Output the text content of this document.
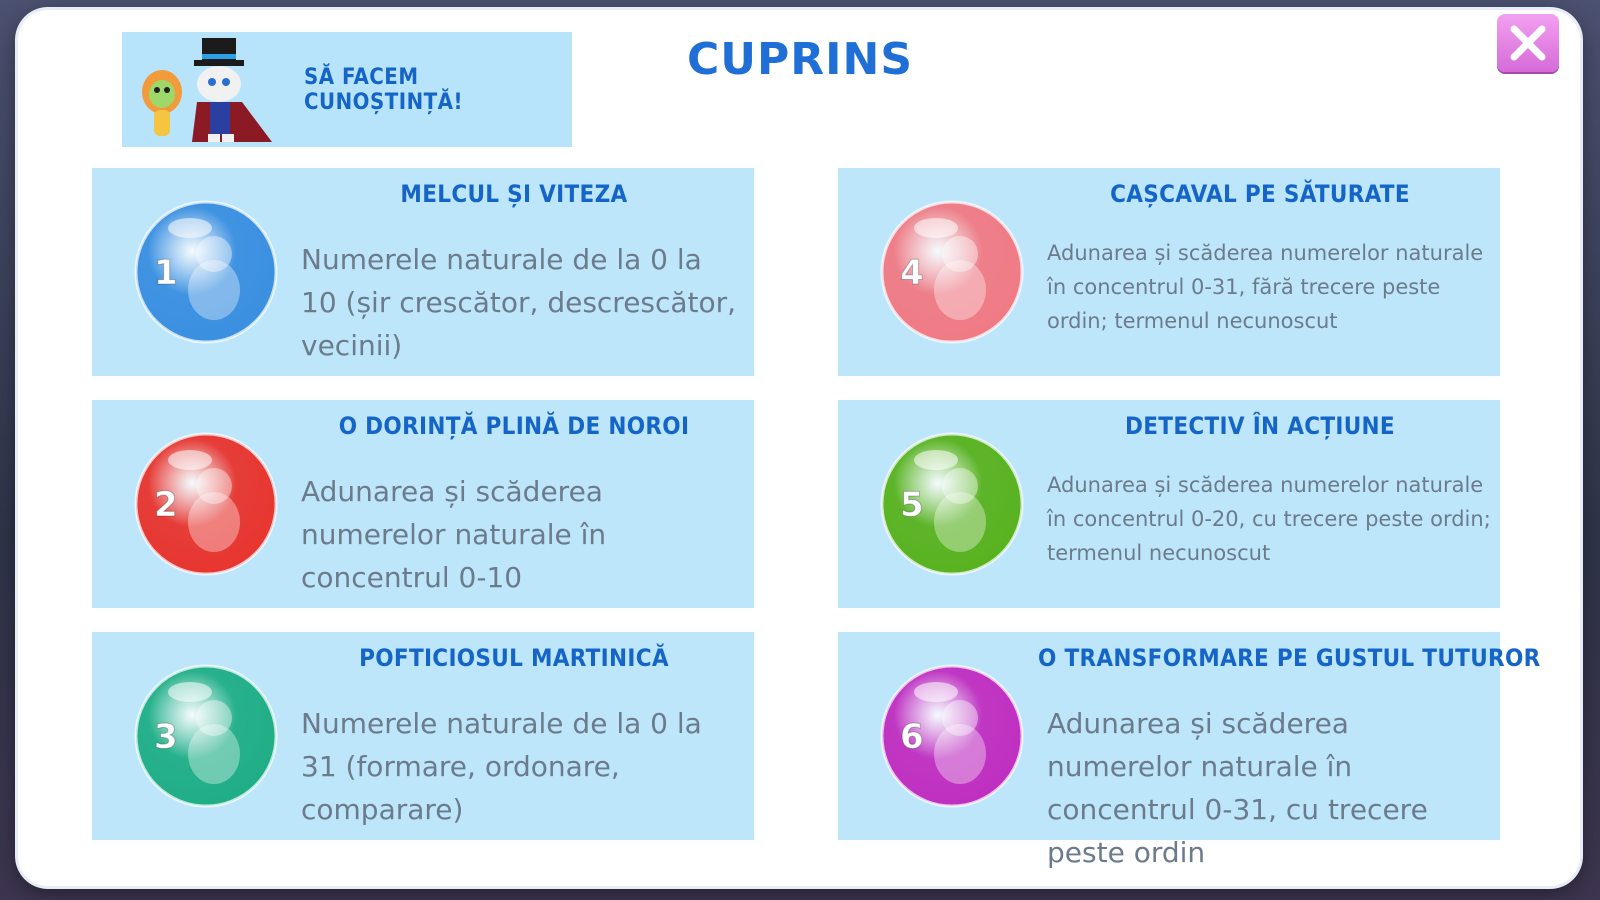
SĂ FACEM CUNOȘTINȚĂ!
CUPRINS
1
MELCUL ȘI VITEZA
Numerele naturale de la 0 la 10 (șir crescător, descrescător, vecinii)
2
O DORINȚĂ PLINĂ DE NOROI
Adunarea și scăderea numerelor naturale în concentrul 0-10
3
POFTICIOSUL MARTINICĂ
Numerele naturale de la 0 la 31 (formare, ordonare, comparare)
4
CAȘCAVAL PE SĂTURATE
Adunarea și scăderea numerelor naturale în concentrul 0-31, fără trecere peste ordin; termenul necunoscut
5
DETECTIV ÎN ACȚIUNE
Adunarea și scăderea numerelor naturale în concentrul 0-20, cu trecere peste ordin; termenul necunoscut
6
O TRANSFORMARE PE GUSTUL TUTUROR
Adunarea și scăderea numerelor naturale în concentrul 0-31, cu trecere peste ordin
